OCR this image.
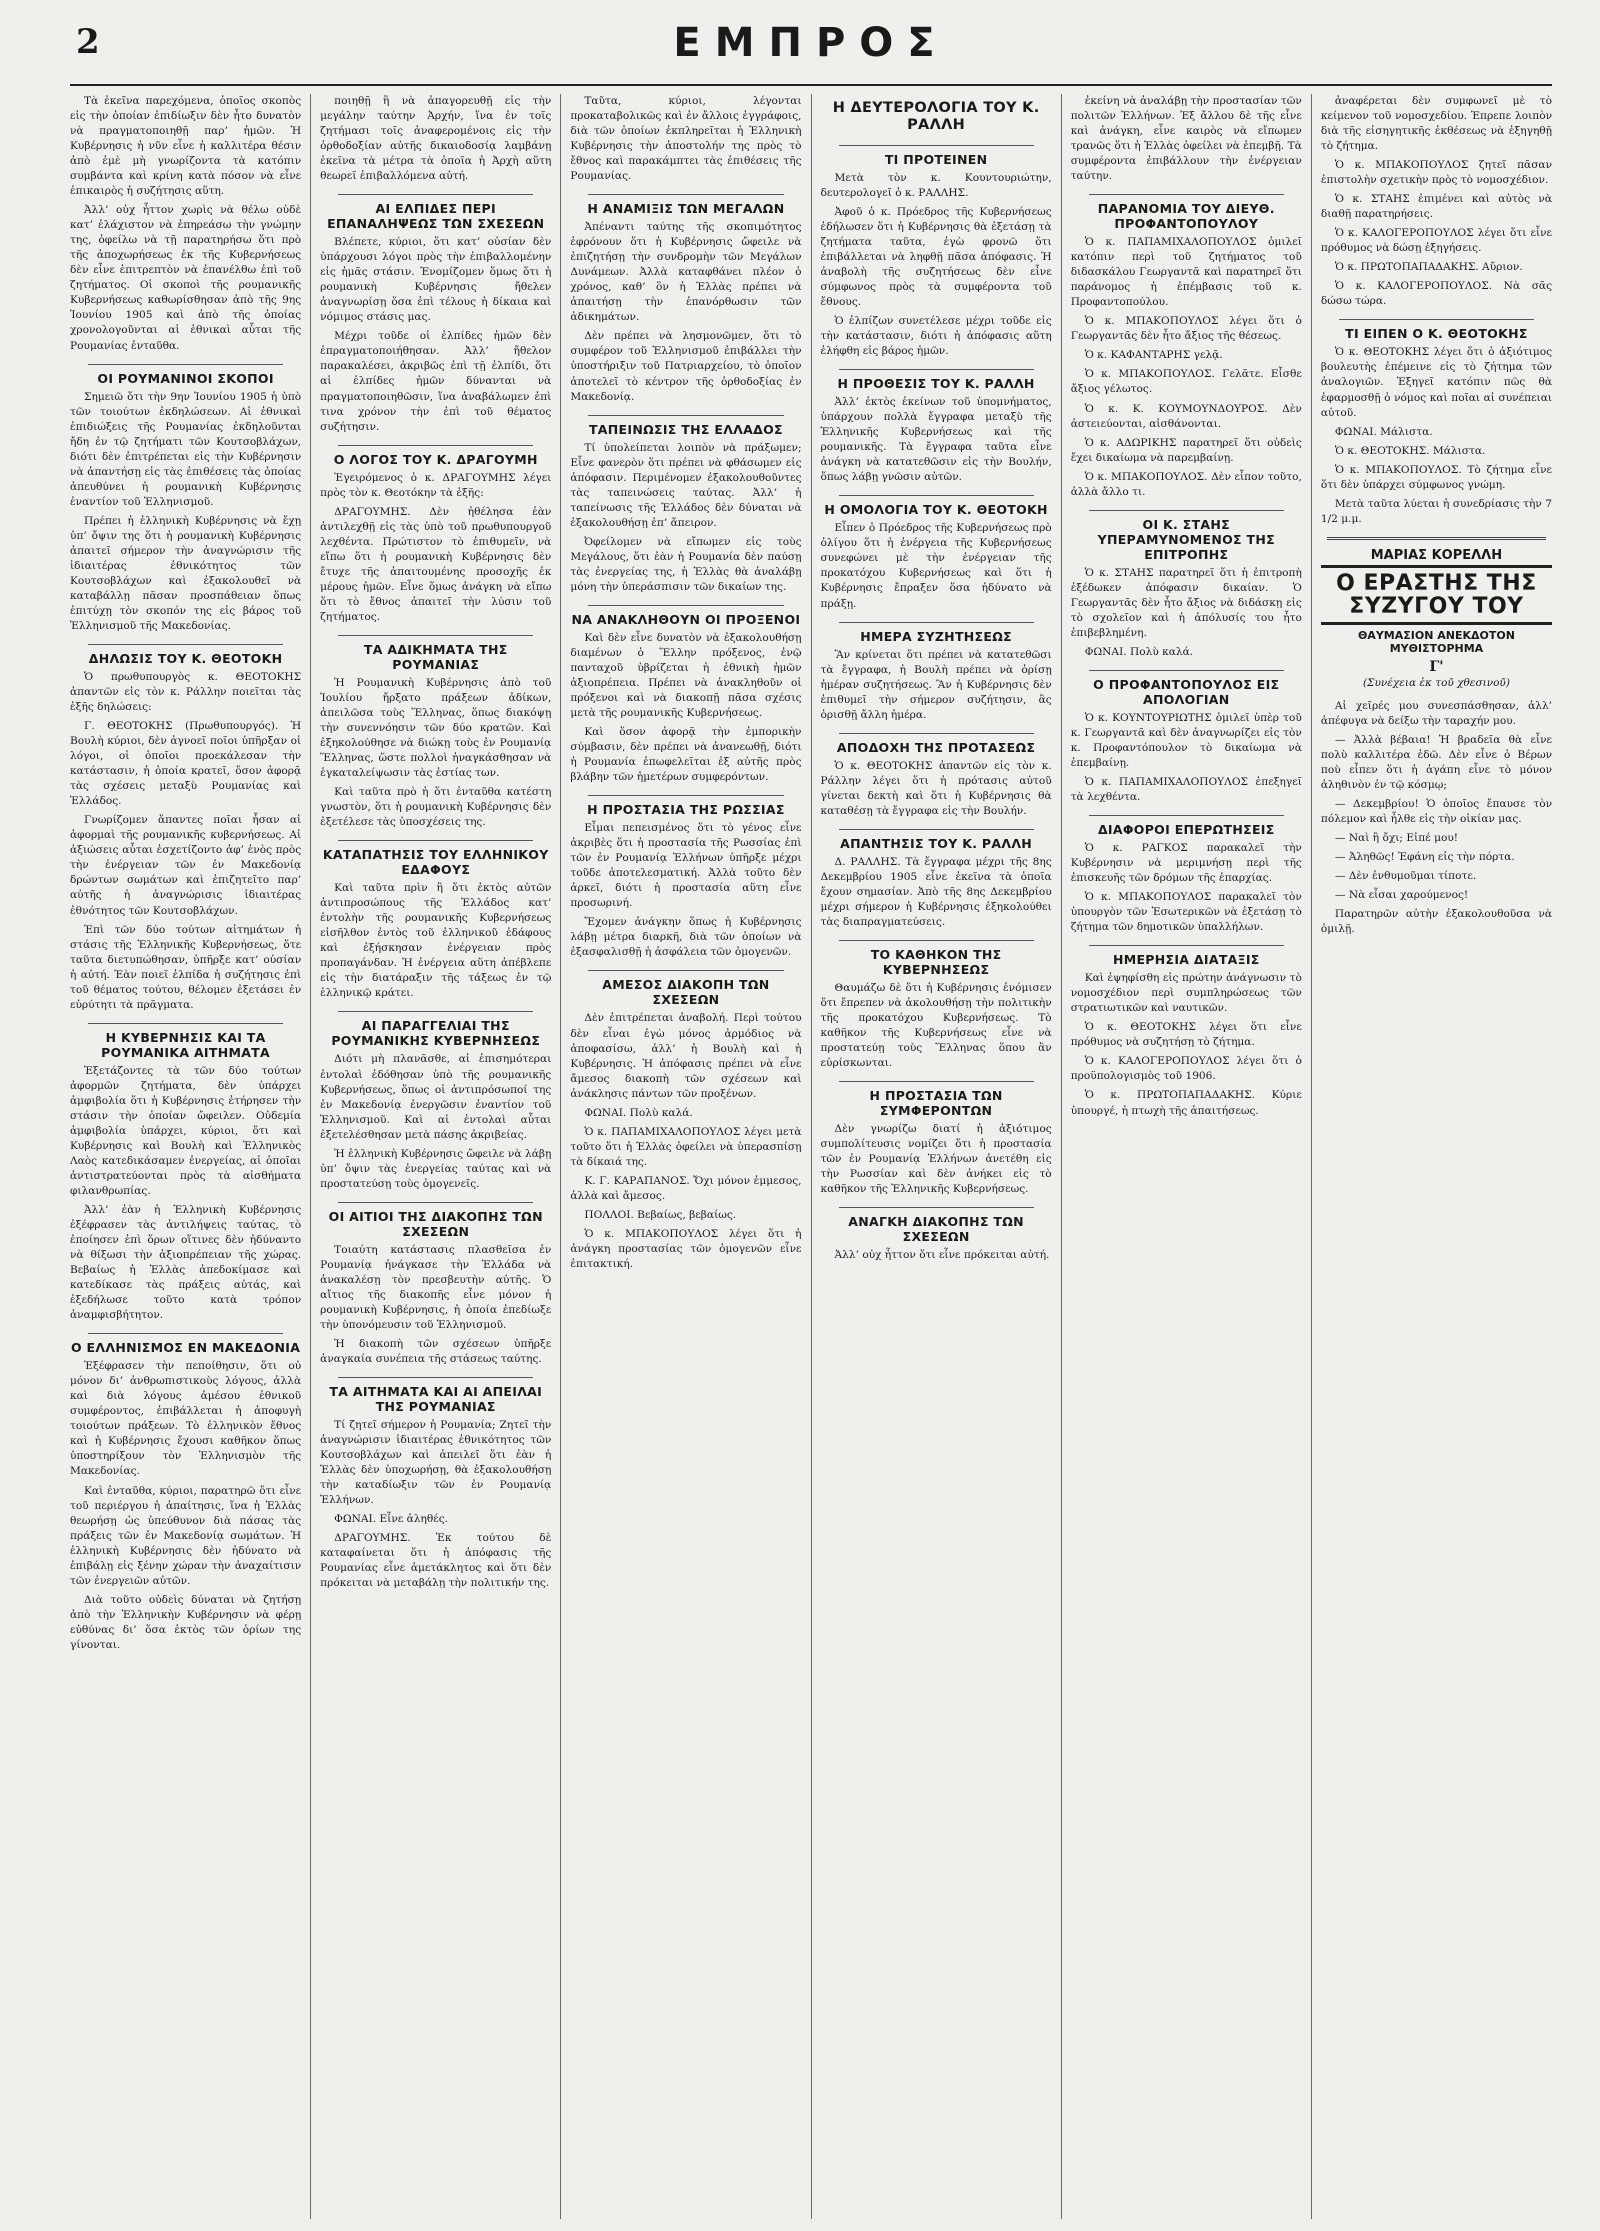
2	ΕΜΠΡΟΣ

Τὰ ἐκεῖνα παρεχόμενα, ὁποῖος σκοπὸς εἰς τὴν ὁποίαν ἐπιδίωξιν δὲν ἦτο δυνατὸν νὰ πραγματοποιηθῇ παρ’ ἡμῶν. Ἡ Κυβέρνησις ἡ νῦν εἶνε ἡ καλλιτέρα θέσιν ἀπὸ ἐμὲ μὴ γνωρίζοντα τὰ κατόπιν συμβάντα καὶ κρίνη κατὰ πόσον νὰ εἶνε ἐπικαιρὸς ἡ συζήτησις αὕτη.

Ἀλλ’ οὐχ ἧττον χωρὶς νὰ θέλω οὐδὲ κατ’ ἐλάχιστον νὰ ἐπηρεάσω τὴν γνώμην της, ὀφείλω νὰ τῇ παρατηρήσω ὅτι πρὸ τῆς ἀποχωρήσεως ἐκ τῆς Κυβερνήσεως δὲν εἶνε ἐπιτρεπτὸν νὰ ἐπανέλθω ἐπὶ τοῦ ζητήματος. Οἱ σκοποὶ τῆς ρουμανικῆς Κυβερνήσεως καθωρίσθησαν ἀπὸ τῆς 9ης Ἰουνίου 1905 καὶ ἀπὸ τῆς ὁποίας χρονολογοῦνται αἱ ἐθνικαὶ αὗται τῆς Ρουμανίας ἐνταῦθα.

ΟΙ ΡΟΥΜΑΝΙΝΟΙ ΣΚΟΠΟΙ

Σημειῶ ὅτι τὴν 9ην Ἰουνίου 1905 ἡ ὑπὸ τῶν τοιούτων ἐκδηλώσεων. Αἱ ἐθνικαὶ ἐπιδιώξεις τῆς Ρουμανίας ἐκδηλοῦνται ἤδη ἐν τῷ ζητήματι τῶν Κουτσοβλάχων, διότι δὲν ἐπιτρέπεται εἰς τὴν Κυβέρνησιν νὰ ἀπαντήσῃ εἰς τὰς ἐπιθέσεις τὰς ὁποίας ἀπευθύνει ἡ ρουμανικὴ Κυβέρνησις ἐναντίον τοῦ Ἑλληνισμοῦ.

Πρέπει ἡ ἑλληνικὴ Κυβέρνησις νὰ ἔχῃ ὑπ’ ὄψιν της ὅτι ἡ ρουμανικὴ Κυβέρνησις ἀπαιτεῖ σήμερον τὴν ἀναγνώρισιν τῆς ἰδιαιτέρας ἐθνικότητος τῶν Κουτσοβλάχων καὶ ἐξακολουθεῖ νὰ καταβάλλῃ πᾶσαν προσπάθειαν ὅπως ἐπιτύχῃ τὸν σκοπόν της εἰς βάρος τοῦ Ἑλληνισμοῦ τῆς Μακεδονίας.

ΔΗΛΩΣΙΣ ΤΟΥ Κ. ΘΕΟΤΟΚΗ

Ὁ πρωθυπουργὸς κ. ΘΕΟΤΟΚΗΣ ἀπαντῶν εἰς τὸν κ. Ράλλην ποιεῖται τὰς ἑξῆς δηλώσεις:

Γ. ΘΕΟΤΟΚΗΣ (Πρωθυπουργός). Ἡ Βουλὴ κύριοι, δὲν ἀγνοεῖ ποῖοι ὑπῆρξαν οἱ λόγοι, οἱ ὁποῖοι προεκάλεσαν τὴν κατάστασιν, ἡ ὁποία κρατεῖ, ὅσον ἀφορᾷ τὰς σχέσεις μεταξὺ Ρουμανίας καὶ Ἑλλάδος.

Γνωρίζομεν ἅπαντες ποῖαι ἦσαν αἱ ἀφορμαὶ τῆς ρουμανικῆς κυβερνήσεως. Αἱ ἀξιώσεις αὗται ἐσχετίζοντο ἀφ’ ἑνὸς πρὸς τὴν ἐνέργειαν τῶν ἐν Μακεδονίᾳ δρώντων σωμάτων καὶ ἐπιζητεῖτο παρ’ αὐτῆς ἡ ἀναγνώρισις ἰδιαιτέρας ἐθνότητος τῶν Κουτσοβλάχων.

Ἐπὶ τῶν δύο τούτων αἰτημάτων ἡ στάσις τῆς Ἑλληνικῆς Κυβερνήσεως, ὅτε ταῦτα διετυπώθησαν, ὑπῆρξε κατ’ οὐσίαν ἡ αὐτή. Ἐὰν ποιεῖ ἐλπίδα ἡ συζήτησις ἐπὶ τοῦ θέματος τούτου, θέλομεν ἐξετάσει ἐν εὐρύτητι τὰ πρᾶγματα.

Η ΚΥΒΕΡΝΗΣΙΣ ΚΑΙ ΤΑ ΡΟΥΜΑΝΙΚΑ ΑΙΤΗΜΑΤΑ

Ἐξετάζοντες τὰ τῶν δύο τούτων ἀφορμῶν ζητήματα, δὲν ὑπάρχει ἀμφιβολία ὅτι ἡ Κυβέρνησις ἐτήρησεν τὴν στάσιν τὴν ὁποίαν ὤφειλεν. Οὐδεμία ἀμφιβολία ὑπάρχει, κύριοι, ὅτι καὶ Κυβέρνησις καὶ Βουλὴ καὶ Ἑλληνικὸς Λαὸς κατεδικάσαμεν ἐνεργείας, αἱ ὁποῖαι ἀντιστρατεύονται πρὸς τὰ αἰσθήματα φιλανθρωπίας.

Ἀλλ’ ἐὰν ἡ Ἑλληνικὴ Κυβέρνησις ἐξέφρασεν τὰς ἀντιλήψεις ταύτας, τὸ ἐποίησεν ἐπὶ ὅρων οἵτινες δὲν ἠδύναντο νὰ θίξωσι τὴν ἀξιοπρέπειαν τῆς χώρας. Βεβαίως ἡ Ἑλλὰς ἀπεδοκίμασε καὶ κατεδίκασε τὰς πράξεις αὐτάς, καὶ ἐξεδήλωσε τοῦτο κατὰ τρόπον ἀναμφισβήτητον.

Ο ΕΛΛΗΝΙΣΜΟΣ ΕΝ ΜΑΚΕΔΟΝΙΑ

Ἐξέφρασεν τὴν πεποίθησιν, ὅτι οὐ μόνον δι’ ἀνθρωπιστικοὺς λόγους, ἀλλὰ καὶ διὰ λόγους ἀμέσου ἐθνικοῦ συμφέροντος, ἐπιβάλλεται ἡ ἀποφυγὴ τοιούτων πράξεων. Τὸ ἑλληνικὸν ἔθνος καὶ ἡ Κυβέρνησις ἔχουσι καθῆκον ὅπως ὑποστηρίξουν τὸν Ἑλληνισμὸν τῆς Μακεδονίας.

Καὶ ἐνταῦθα, κύριοι, παρατηρῶ ὅτι εἶνε τοῦ περιέργου ἡ ἀπαίτησις, ἵνα ἡ Ἑλλὰς θεωρήσῃ ὡς ὑπεύθυνον διὰ πάσας τὰς πράξεις τῶν ἐν Μακεδονίᾳ σωμάτων. Ἡ ἑλληνικὴ Κυβέρνησις δὲν ἠδύνατο νὰ ἐπιβάλῃ εἰς ξένην χώραν τὴν ἀναχαίτισιν τῶν ἐνεργειῶν αὐτῶν.

Διὰ τοῦτο οὐδεὶς δύναται νὰ ζητήσῃ ἀπὸ τὴν Ἑλληνικὴν Κυβέρνησιν νὰ φέρῃ εὐθύνας δι’ ὅσα ἐκτὸς τῶν ὁρίων της γίνονται.

ποιηθῇ ἢ νὰ ἀπαγορευθῇ εἰς τὴν μεγάλην ταύτην Ἀρχήν, ἵνα ἐν τοῖς ζητήμασι τοῖς ἀναφερομένοις εἰς τὴν ὀρθοδοξίαν αὐτῆς δικαιοδοσίᾳ λαμβάνῃ ἐκεῖνα τὰ μέτρα τὰ ὁποῖα ἡ Ἀρχὴ αὕτη θεωρεῖ ἐπιβαλλόμενα αὐτή.

ΑΙ ΕΛΠΙΔΕΣ ΠΕΡΙ ΕΠΑΝΑΛΗΨΕΩΣ ΤΩΝ ΣΧΕΣΕΩΝ

Βλέπετε, κύριοι, ὅτι κατ’ οὐσίαν δὲν ὑπάρχουσι λόγοι πρὸς τὴν ἐπιβαλλομένην εἰς ἡμᾶς στάσιν. Ἐνομίζομεν ὅμως ὅτι ἡ ρουμανικὴ Κυβέρνησις ἤθελεν ἀναγνωρίσῃ ὅσα ἐπὶ τέλους ἡ δίκαια καὶ νόμιμος στάσις μας.

Μέχρι τοῦδε οἱ ἐλπίδες ἡμῶν δὲν ἐπραγματοποιήθησαν. Ἀλλ’ ἤθελον παρακαλέσει, ἀκριβῶς ἐπὶ τῇ ἐλπίδι, ὅτι αἱ ἐλπίδες ἡμῶν δύνανται νὰ πραγματοποιηθῶσιν, ἵνα ἀναβάλωμεν ἐπὶ τινα χρόνον τὴν ἐπὶ τοῦ θέματος συζήτησιν.

Ο ΛΟΓΟΣ ΤΟΥ Κ. ΔΡΑΓΟΥΜΗ

Ἐγειρόμενος ὁ κ. ΔΡΑΓΟΥΜΗΣ λέγει πρὸς τὸν κ. Θεοτόκην τὰ ἑξῆς:

ΔΡΑΓΟΥΜΗΣ. Δὲν ἠθέλησα ἐὰν ἀντιλεχθῇ εἰς τὰς ὑπὸ τοῦ πρωθυπουργοῦ λεχθέντα. Πρώτιστον τὸ ἐπιθυμεῖν, νὰ εἴπω ὅτι ἡ ρουμανικὴ Κυβέρνησις δὲν ἔτυχε τῆς ἀπαιτουμένης προσοχῆς ἐκ μέρους ἡμῶν. Εἶνε ὅμως ἀνάγκη νὰ εἴπω ὅτι τὸ ἔθνος ἀπαιτεῖ τὴν λύσιν τοῦ ζητήματος.

ΤΑ ΑΔΙΚΗΜΑΤΑ ΤΗΣ ΡΟΥΜΑΝΙΑΣ

Ἡ Ρουμανικὴ Κυβέρνησις ἀπὸ τοῦ Ἰουλίου ἤρξατο πράξεων ἀδίκων, ἀπειλῶσα τοὺς Ἕλληνας, ὅπως διακόψῃ τὴν συνεννόησιν τῶν δύο κρατῶν. Καὶ ἐξηκολούθησε νὰ διώκῃ τοὺς ἐν Ρουμανίᾳ Ἕλληνας, ὥστε πολλοὶ ἠναγκάσθησαν νὰ ἐγκαταλείψωσιν τὰς ἑστίας των.

Καὶ ταῦτα πρὸ ἡ ὅτι ἐνταῦθα κατέστη γνωστὸν, ὅτι ἡ ρουμανικὴ Κυβέρνησις δὲν ἐξετέλεσε τὰς ὑποσχέσεις της.

ΚΑΤΑΠΑΤΗΣΙΣ ΤΟΥ ΕΛΛΗΝΙΚΟΥ ΕΔΑΦΟΥΣ

Καὶ ταῦτα πρὶν ἢ ὅτι ἐκτὸς αὐτῶν ἀντιπροσώπους τῆς Ἑλλάδος κατ’ ἐντολὴν τῆς ρουμανικῆς Κυβερνήσεως εἰσῆλθον ἐντὸς τοῦ ἑλληνικοῦ ἐδάφους καὶ ἐξήσκησαν ἐνέργειαν πρὸς προπαγάνδαν. Ἡ ἐνέργεια αὕτη ἀπέβλεπε εἰς τὴν διατάραξιν τῆς τάξεως ἐν τῷ ἑλληνικῷ κράτει.

ΑΙ ΠΑΡΑΓΓΕΛΙΑΙ ΤΗΣ ΡΟΥΜΑΝΙΚΗΣ ΚΥΒΕΡΝΗΣΕΩΣ

Διότι μὴ πλανᾶσθε, αἱ ἐπισημότεραι ἐντολαὶ ἐδόθησαν ὑπὸ τῆς ρουμανικῆς Κυβερνήσεως, ὅπως οἱ ἀντιπρόσωποί της ἐν Μακεδονίᾳ ἐνεργῶσιν ἐναντίον τοῦ Ἑλληνισμοῦ. Καὶ αἱ ἐντολαὶ αὗται ἐξετελέσθησαν μετὰ πάσης ἀκριβείας.

Ἡ ἑλληνικὴ Κυβέρνησις ὤφειλε νὰ λάβῃ ὑπ’ ὄψιν τὰς ἐνεργείας ταύτας καὶ νὰ προστατεύσῃ τοὺς ὁμογενεῖς.

ΟΙ ΑΙΤΙΟΙ ΤΗΣ ΔΙΑΚΟΠΗΣ ΤΩΝ ΣΧΕΣΕΩΝ

Τοιαύτη κατάστασις πλασθεῖσα ἐν Ρουμανίᾳ ἠνάγκασε τὴν Ἑλλάδα νὰ ἀνακαλέσῃ τὸν πρεσβευτὴν αὐτῆς. Ὁ αἴτιος τῆς διακοπῆς εἶνε μόνον ἡ ρουμανικὴ Κυβέρνησις, ἡ ὁποία ἐπεδίωξε τὴν ὑπονόμευσιν τοῦ Ἑλληνισμοῦ.

Ἡ διακοπὴ τῶν σχέσεων ὑπῆρξε ἀναγκαία συνέπεια τῆς στάσεως ταύτης.

ΤΑ ΑΙΤΗΜΑΤΑ ΚΑΙ ΑΙ ΑΠΕΙΛΑΙ ΤΗΣ ΡΟΥΜΑΝΙΑΣ

Τί ζητεῖ σήμερον ἡ Ρουμανία; Ζητεῖ τὴν ἀναγνώρισιν ἰδιαιτέρας ἐθνικότητος τῶν Κουτσοβλάχων καὶ ἀπειλεῖ ὅτι ἐὰν ἡ Ἑλλὰς δὲν ὑποχωρήσῃ, θὰ ἐξακολουθήσῃ τὴν καταδίωξιν τῶν ἐν Ρουμανίᾳ Ἑλλήνων.

ΦΩΝΑΙ. Εἶνε ἀληθές.

ΔΡΑΓΟΥΜΗΣ. Ἐκ τούτου δὲ καταφαίνεται ὅτι ἡ ἀπόφασις τῆς Ρουμανίας εἶνε ἀμετάκλητος καὶ ὅτι δὲν πρόκειται νὰ μεταβάλῃ τὴν πολιτικήν της.

Ταῦτα, κύριοι, λέγονται προκαταβολικῶς καὶ ἐν ἄλλοις ἐγγράφοις, διὰ τῶν ὁποίων ἐκπληρεῖται ἡ Ἑλληνικὴ Κυβέρνησις τὴν ἀποστολήν της πρὸς τὸ ἔθνος καὶ παρακάμπτει τὰς ἐπιθέσεις τῆς Ρουμανίας.

Η ΑΝΑΜΙΞΙΣ ΤΩΝ ΜΕΓΑΛΩΝ

Ἀπέναντι ταύτης τῆς σκοπιμότητος ἐφρόνουν ὅτι ἡ Κυβέρνησις ὤφειλε νὰ ἐπιζητήσῃ τὴν συνδρομὴν τῶν Μεγάλων Δυνάμεων. Ἀλλὰ καταφθάνει πλέον ὁ χρόνος, καθ’ ὃν ἡ Ἑλλὰς πρέπει νὰ ἀπαιτήσῃ τὴν ἐπανόρθωσιν τῶν ἀδικημάτων.

Δὲν πρέπει νὰ λησμονῶμεν, ὅτι τὸ συμφέρον τοῦ Ἑλληνισμοῦ ἐπιβάλλει τὴν ὑποστήριξιν τοῦ Πατριαρχείου, τὸ ὁποῖον ἀποτελεῖ τὸ κέντρον τῆς ὀρθοδοξίας ἐν Μακεδονίᾳ.

ΤΑΠΕΙΝΩΣΙΣ ΤΗΣ ΕΛΛΑΔΟΣ

Τί ὑπολείπεται λοιπὸν νὰ πράξωμεν; Εἶνε φανερὸν ὅτι πρέπει νὰ φθάσωμεν εἰς ἀπόφασιν. Περιμένομεν ἐξακολουθοῦντες τὰς ταπεινώσεις ταύτας. Ἀλλ’ ἡ ταπείνωσις τῆς Ἑλλάδος δὲν δύναται νὰ ἐξακολουθήσῃ ἐπ’ ἄπειρον.

Ὀφείλομεν νὰ εἴπωμεν εἰς τοὺς Μεγάλους, ὅτι ἐὰν ἡ Ρουμανία δὲν παύσῃ τὰς ἐνεργείας της, ἡ Ἑλλὰς θὰ ἀναλάβῃ μόνη τὴν ὑπεράσπισιν τῶν δικαίων της.

ΝΑ ΑΝΑΚΛΗΘΟΥΝ ΟΙ ΠΡΟΞΕΝΟΙ

Καὶ δὲν εἶνε δυνατὸν νὰ ἐξακολουθήσῃ διαμένων ὁ Ἕλλην πρόξενος, ἐνῷ πανταχοῦ ὑβρίζεται ἡ ἐθνικὴ ἡμῶν ἀξιοπρέπεια. Πρέπει νὰ ἀνακληθοῦν οἱ πρόξενοι καὶ νὰ διακοπῇ πᾶσα σχέσις μετὰ τῆς ρουμανικῆς Κυβερνήσεως.

Καὶ ὅσον ἀφορᾷ τὴν ἐμπορικὴν σύμβασιν, δὲν πρέπει νὰ ἀνανεωθῇ, διότι ἡ Ρουμανία ἐπωφελεῖται ἐξ αὐτῆς πρὸς βλάβην τῶν ἡμετέρων συμφερόντων.

Η ΠΡΟΣΤΑΣΙΑ ΤΗΣ ΡΩΣΣΙΑΣ

Εἶμαι πεπεισμένος ὅτι τὸ γένος εἶνε ἀκριβὲς ὅτι ἡ προστασία τῆς Ρωσσίας ἐπὶ τῶν ἐν Ρουμανίᾳ Ἑλλήνων ὑπῆρξε μέχρι τοῦδε ἀποτελεσματική. Ἀλλὰ τοῦτο δὲν ἀρκεῖ, διότι ἡ προστασία αὕτη εἶνε προσωρινή.

Ἔχομεν ἀνάγκην ὅπως ἡ Κυβέρνησις λάβῃ μέτρα διαρκῆ, διὰ τῶν ὁποίων νὰ ἐξασφαλισθῇ ἡ ἀσφάλεια τῶν ὁμογενῶν.

ΑΜΕΣΟΣ ΔΙΑΚΟΠΗ ΤΩΝ ΣΧΕΣΕΩΝ

Δὲν ἐπιτρέπεται ἀναβολή. Περὶ τούτου δὲν εἶναι ἐγὼ μόνος ἁρμόδιος νὰ ἀποφασίσω, ἀλλ’ ἡ Βουλὴ καὶ ἡ Κυβέρνησις. Ἡ ἀπόφασις πρέπει νὰ εἶνε ἄμεσος διακοπὴ τῶν σχέσεων καὶ ἀνάκλησις πάντων τῶν προξένων.

ΦΩΝΑΙ. Πολὺ καλά.

Ὁ κ. ΠΑΠΑΜΙΧΑΛΟΠΟΥΛΟΣ λέγει μετὰ τοῦτο ὅτι ἡ Ἑλλὰς ὀφείλει νὰ ὑπερασπίσῃ τὰ δίκαιά της.

Κ. Γ. ΚΑΡΑΠΑΝΟΣ. Ὄχι μόνον ἐμμεσος, ἀλλὰ καὶ ἄμεσος.

ΠΟΛΛΟΙ. Βεβαίως, βεβαίως.

Ὁ κ. ΜΠΑΚΟΠΟΥΛΟΣ λέγει ὅτι ἡ ἀνάγκη προστασίας τῶν ὁμογενῶν εἶνε ἐπιτακτική.

Η ΔΕΥΤΕΡΟΛΟΓΙΑ ΤΟΥ Κ. ΡΑΛΛΗ
ΤΙ ΠΡΟΤΕΙΝΕΝ

Μετὰ τὸν κ. Κουντουριώτην, δευτερολογεῖ ὁ κ. ΡΑΛΛΗΣ.

Ἀφοῦ ὁ κ. Πρόεδρος τῆς Κυβερνήσεως ἐδήλωσεν ὅτι ἡ Κυβέρνησις θὰ ἐξετάσῃ τὰ ζητήματα ταῦτα, ἐγὼ φρονῶ ὅτι ἐπιβάλλεται νὰ ληφθῇ πᾶσα ἀπόφασις. Ἡ ἀναβολὴ τῆς συζητήσεως δὲν εἶνε σύμφωνος πρὸς τὰ συμφέροντα τοῦ ἔθνους.

Ὁ ἐλπίζων συνετέλεσε μέχρι τοῦδε εἰς τὴν κατάστασιν, διότι ἡ ἀπόφασις αὕτη ἐλήφθη εἰς βάρος ἡμῶν.

Η ΠΡΟΘΕΣΙΣ ΤΟΥ Κ. ΡΑΛΛΗ

Ἀλλ’ ἐκτὸς ἐκείνων τοῦ ὑπομνήματος, ὑπάρχουν πολλὰ ἔγγραφα μεταξὺ τῆς Ἑλληνικῆς Κυβερνήσεως καὶ τῆς ρουμανικῆς. Τὰ ἔγγραφα ταῦτα εἶνε ἀνάγκη νὰ κατατεθῶσιν εἰς τὴν Βουλήν, ὅπως λάβῃ γνῶσιν αὐτῶν.

Η ΟΜΟΛΟΓΙΑ ΤΟΥ Κ. ΘΕΟΤΟΚΗ

Εἶπεν ὁ Πρόεδρος τῆς Κυβερνήσεως πρὸ ὀλίγου ὅτι ἡ ἐνέργεια τῆς Κυβερνήσεως συνεφώνει μὲ τὴν ἐνέργειαν τῆς προκατόχου Κυβερνήσεως καὶ ὅτι ἡ Κυβέρνησις ἔπραξεν ὅσα ἠδύνατο νὰ πράξῃ.

ΗΜΕΡΑ ΣΥΖΗΤΗΣΕΩΣ

Ἂν κρίνεται ὅτι πρέπει νὰ κατατεθῶσι τὰ ἔγγραφα, ἡ Βουλὴ πρέπει νὰ ὁρίσῃ ἡμέραν συζητήσεως. Ἂν ἡ Κυβέρνησις δὲν ἐπιθυμεῖ τὴν σήμερον συζήτησιν, ἂς ὁρισθῇ ἄλλη ἡμέρα.

ΑΠΟΔΟΧΗ ΤΗΣ ΠΡΟΤΑΣΕΩΣ

Ὁ κ. ΘΕΟΤΟΚΗΣ ἀπαντῶν εἰς τὸν κ. Ράλλην λέγει ὅτι ἡ πρότασις αὐτοῦ γίνεται δεκτὴ καὶ ὅτι ἡ Κυβέρνησις θὰ καταθέσῃ τὰ ἔγγραφα εἰς τὴν Βουλήν.

ΑΠΑΝΤΗΣΙΣ ΤΟΥ Κ. ΡΑΛΛΗ

Δ. ΡΑΛΛΗΣ. Τὰ ἔγγραφα μέχρι τῆς 8ης Δεκεμβρίου 1905 εἶνε ἐκεῖνα τὰ ὁποῖα ἔχουν σημασίαν. Ἀπὸ τῆς 8ης Δεκεμβρίου μέχρι σήμερον ἡ Κυβέρνησις ἐξηκολούθει τὰς διαπραγματεύσεις.

ΤΟ ΚΑΘΗΚΟΝ ΤΗΣ ΚΥΒΕΡΝΗΣΕΩΣ

Θαυμάζω δὲ ὅτι ἡ Κυβέρνησις ἐνόμισεν ὅτι ἔπρεπεν νὰ ἀκολουθήσῃ τὴν πολιτικὴν τῆς προκατόχου Κυβερνήσεως. Τὸ καθῆκον τῆς Κυβερνήσεως εἶνε νὰ προστατεύῃ τοὺς Ἕλληνας ὅπου ἂν εὑρίσκωνται.

Η ΠΡΟΣΤΑΣΙΑ ΤΩΝ ΣΥΜΦΕΡΟΝΤΩΝ

Δὲν γνωρίζω διατί ἡ ἀξιότιμος συμπολίτευσις νομίζει ὅτι ἡ προστασία τῶν ἐν Ρουμανίᾳ Ἑλλήνων ἀνετέθη εἰς τὴν Ρωσσίαν καὶ δὲν ἀνήκει εἰς τὸ καθῆκον τῆς Ἑλληνικῆς Κυβερνήσεως.

ΑΝΑΓΚΗ ΔΙΑΚΟΠΗΣ ΤΩΝ ΣΧΕΣΕΩΝ

Ἀλλ’ οὐχ ἧττον ὅτι εἶνε πρόκειται αὐτή.

ἐκείνη νὰ ἀναλάβῃ τὴν προστασίαν τῶν πολιτῶν Ἑλλήνων. Ἐξ ἄλλου δὲ τῆς εἶνε καὶ ἀνάγκη, εἶνε καιρὸς νὰ εἴπωμεν τρανῶς ὅτι ἡ Ἑλλὰς ὀφείλει νὰ ἐπεμβῇ. Τὰ συμφέροντα ἐπιβάλλουν τὴν ἐνέργειαν ταύτην.

ΠΑΡΑΝΟΜΙΑ ΤΟΥ ΔΙΕΥΘ. ΠΡΟΦΑΝΤΟΠΟΥΛΟΥ

Ὁ κ. ΠΑΠΑΜΙΧΑΛΟΠΟΥΛΟΣ ὁμιλεῖ κατόπιν περὶ τοῦ ζητήματος τοῦ διδασκάλου Γεωργαντᾶ καὶ παρατηρεῖ ὅτι παράνομος ἡ ἐπέμβασις τοῦ κ. Προφαντοπούλου.

Ὁ κ. ΜΠΑΚΟΠΟΥΛΟΣ λέγει ὅτι ὁ Γεωργαντᾶς δὲν ἦτο ἄξιος τῆς θέσεως.

Ὁ κ. ΚΑΦΑΝΤΑΡΗΣ γελᾷ.

Ὁ κ. ΜΠΑΚΟΠΟΥΛΟΣ. Γελᾶτε. Εἶσθε ἄξιος γέλωτος.

Ὁ κ. Κ. ΚΟΥΜΟΥΝΔΟΥΡΟΣ. Δὲν ἀστειεύονται, αἰσθάνονται.

Ὁ κ. ΑΔΩΡΙΚΗΣ παρατηρεῖ ὅτι οὐδεὶς ἔχει δικαίωμα νὰ παρεμβαίνῃ.

Ὁ κ. ΜΠΑΚΟΠΟΥΛΟΣ. Δὲν εἶπον τοῦτο, ἀλλὰ ἄλλο τι.

ΟΙ Κ. ΣΤΑΗΣ ΥΠΕΡΑΜΥΝΟΜΕΝΟΣ ΤΗΣ ΕΠΙΤΡΟΠΗΣ

Ὁ κ. ΣΤΑΗΣ παρατηρεῖ ὅτι ἡ ἐπιτροπὴ ἐξέδωκεν ἀπόφασιν δικαίαν. Ὁ Γεωργαντᾶς δὲν ἦτο ἄξιος νὰ διδάσκῃ εἰς τὸ σχολεῖον καὶ ἡ ἀπόλυσίς του ἦτο ἐπιβεβλημένη.

ΦΩΝΑΙ. Πολὺ καλά.

Ο ΠΡΟΦΑΝΤΟΠΟΥΛΟΣ ΕΙΣ ΑΠΟΛΟΓΙΑΝ

Ὁ κ. ΚΟΥΝΤΟΥΡΙΩΤΗΣ ὁμιλεῖ ὑπὲρ τοῦ κ. Γεωργαντᾶ καὶ δὲν ἀναγνωρίζει εἰς τὸν κ. Προφαντόπουλον τὸ δικαίωμα νὰ ἐπεμβαίνῃ.

Ὁ κ. ΠΑΠΑΜΙΧΑΛΟΠΟΥΛΟΣ ἐπεξηγεῖ τὰ λεχθέντα.

ΔΙΑΦΟΡΟΙ ΕΠΕΡΩΤΗΣΕΙΣ

Ὁ κ. ΡΑΓΚΟΣ παρακαλεῖ τὴν Κυβέρνησιν νὰ μεριμνήσῃ περὶ τῆς ἐπισκευῆς τῶν δρόμων τῆς ἐπαρχίας.

Ὁ κ. ΜΠΑΚΟΠΟΥΛΟΣ παρακαλεῖ τὸν ὑπουργὸν τῶν Ἐσωτερικῶν νὰ ἐξετάσῃ τὸ ζήτημα τῶν δημοτικῶν ὑπαλλήλων.

ΗΜΕΡΗΣΙΑ ΔΙΑΤΑΞΙΣ

Καὶ ἐψηφίσθη εἰς πρώτην ἀνάγνωσιν τὸ νομοσχέδιον περὶ συμπληρώσεως τῶν στρατιωτικῶν καὶ ναυτικῶν.

Ὁ κ. ΘΕΟΤΟΚΗΣ λέγει ὅτι εἶνε πρόθυμος νὰ συζητήσῃ τὸ ζήτημα.

Ὁ κ. ΚΑΛΟΓΕΡΟΠΟΥΛΟΣ λέγει ὅτι ὁ προϋπολογισμὸς τοῦ 1906.

Ὁ κ. ΠΡΩΤΟΠΑΠΑΔΑΚΗΣ. Κύριε ὑπουργέ, ἡ πτωχὴ τῆς ἀπαιτήσεως.

ἀναφέρεται δὲν συμφωνεῖ μὲ τὸ κείμενον τοῦ νομοσχεδίου. Ἐπρεπε λοιπὸν διὰ τῆς εἰσηγητικῆς ἐκθέσεως νὰ ἐξηγηθῇ τὸ ζήτημα.

Ὁ κ. ΜΠΑΚΟΠΟΥΛΟΣ ζητεῖ πᾶσαν ἐπιστολὴν σχετικὴν πρὸς τὸ νομοσχέδιον.

Ὁ κ. ΣΤΑΗΣ ἐπιμένει καὶ αὐτὸς νὰ διαθῇ παρατηρήσεις.

Ὁ κ. ΚΑΛΟΓΕΡΟΠΟΥΛΟΣ λέγει ὅτι εἶνε πρόθυμος νὰ δώσῃ ἐξηγήσεις.

Ὁ κ. ΠΡΩΤΟΠΑΠΑΔΑΚΗΣ. Αὔριον.

Ὁ κ. ΚΑΛΟΓΕΡΟΠΟΥΛΟΣ. Νὰ σᾶς δώσω τώρα.

ΤΙ ΕΙΠΕΝ Ο Κ. ΘΕΟΤΟΚΗΣ

Ὁ κ. ΘΕΟΤΟΚΗΣ λέγει ὅτι ὁ ἀξιότιμος βουλευτὴς ἐπέμεινε εἰς τὸ ζήτημα τῶν ἀναλογιῶν. Ἐξηγεῖ κατόπιν πῶς θὰ ἐφαρμοσθῇ ὁ νόμος καὶ ποῖαι αἱ συνέπειαι αὐτοῦ.

ΦΩΝΑΙ. Μάλιστα.

Ὁ κ. ΘΕΟΤΟΚΗΣ. Μάλιστα.

Ὁ κ. ΜΠΑΚΟΠΟΥΛΟΣ. Τὸ ζήτημα εἶνε ὅτι δὲν ὑπάρχει σύμφωνος γνώμη.

Μετὰ ταῦτα λύεται ἡ συνεδρίασις τὴν 7 1/2 μ.μ.

ΜΑΡΙΑΣ ΚΟΡΕΛΛΗ
Ο ΕΡΑΣΤΗΣ ΤΗΣ ΣΥΖΥΓΟΥ ΤΟΥ
ΘΑΥΜΑΣΙΟΝ ΑΝΕΚΔΟΤΟΝ ΜΥΘΙΣΤΟΡΗΜΑ
Γ'
(Συνέχεια ἐκ τοῦ χθεσινοῦ)

Αἱ χεῖρές μου συνεσπάσθησαν, ἀλλ’ ἀπέφυγα νὰ δείξω τὴν ταραχήν μου.

— Ἀλλὰ βέβαια! Ἡ βραδεῖα θὰ εἶνε πολὺ καλλιτέρα ἐδῶ. Δὲν εἶνε ὁ Βέρων ποὺ εἶπεν ὅτι ἡ ἀγάπη εἶνε τὸ μόνον ἀληθινὸν ἐν τῷ κόσμῳ;

— Δεκεμβρίου! Ὁ ὁποῖος ἔπαυσε τὸν πόλεμον καὶ ἦλθε εἰς τὴν οἰκίαν μας.

— Ναὶ ἢ ὄχι; Εἰπέ μου!

— Ἀληθῶς! Ἐφάνη εἰς τὴν πόρτα.

— Δὲν ἐνθυμοῦμαι τίποτε.

— Νὰ εἶσαι χαρούμενος!

Παρατηρῶν αὐτὴν ἐξακολουθοῦσα νὰ ὁμιλῇ.
